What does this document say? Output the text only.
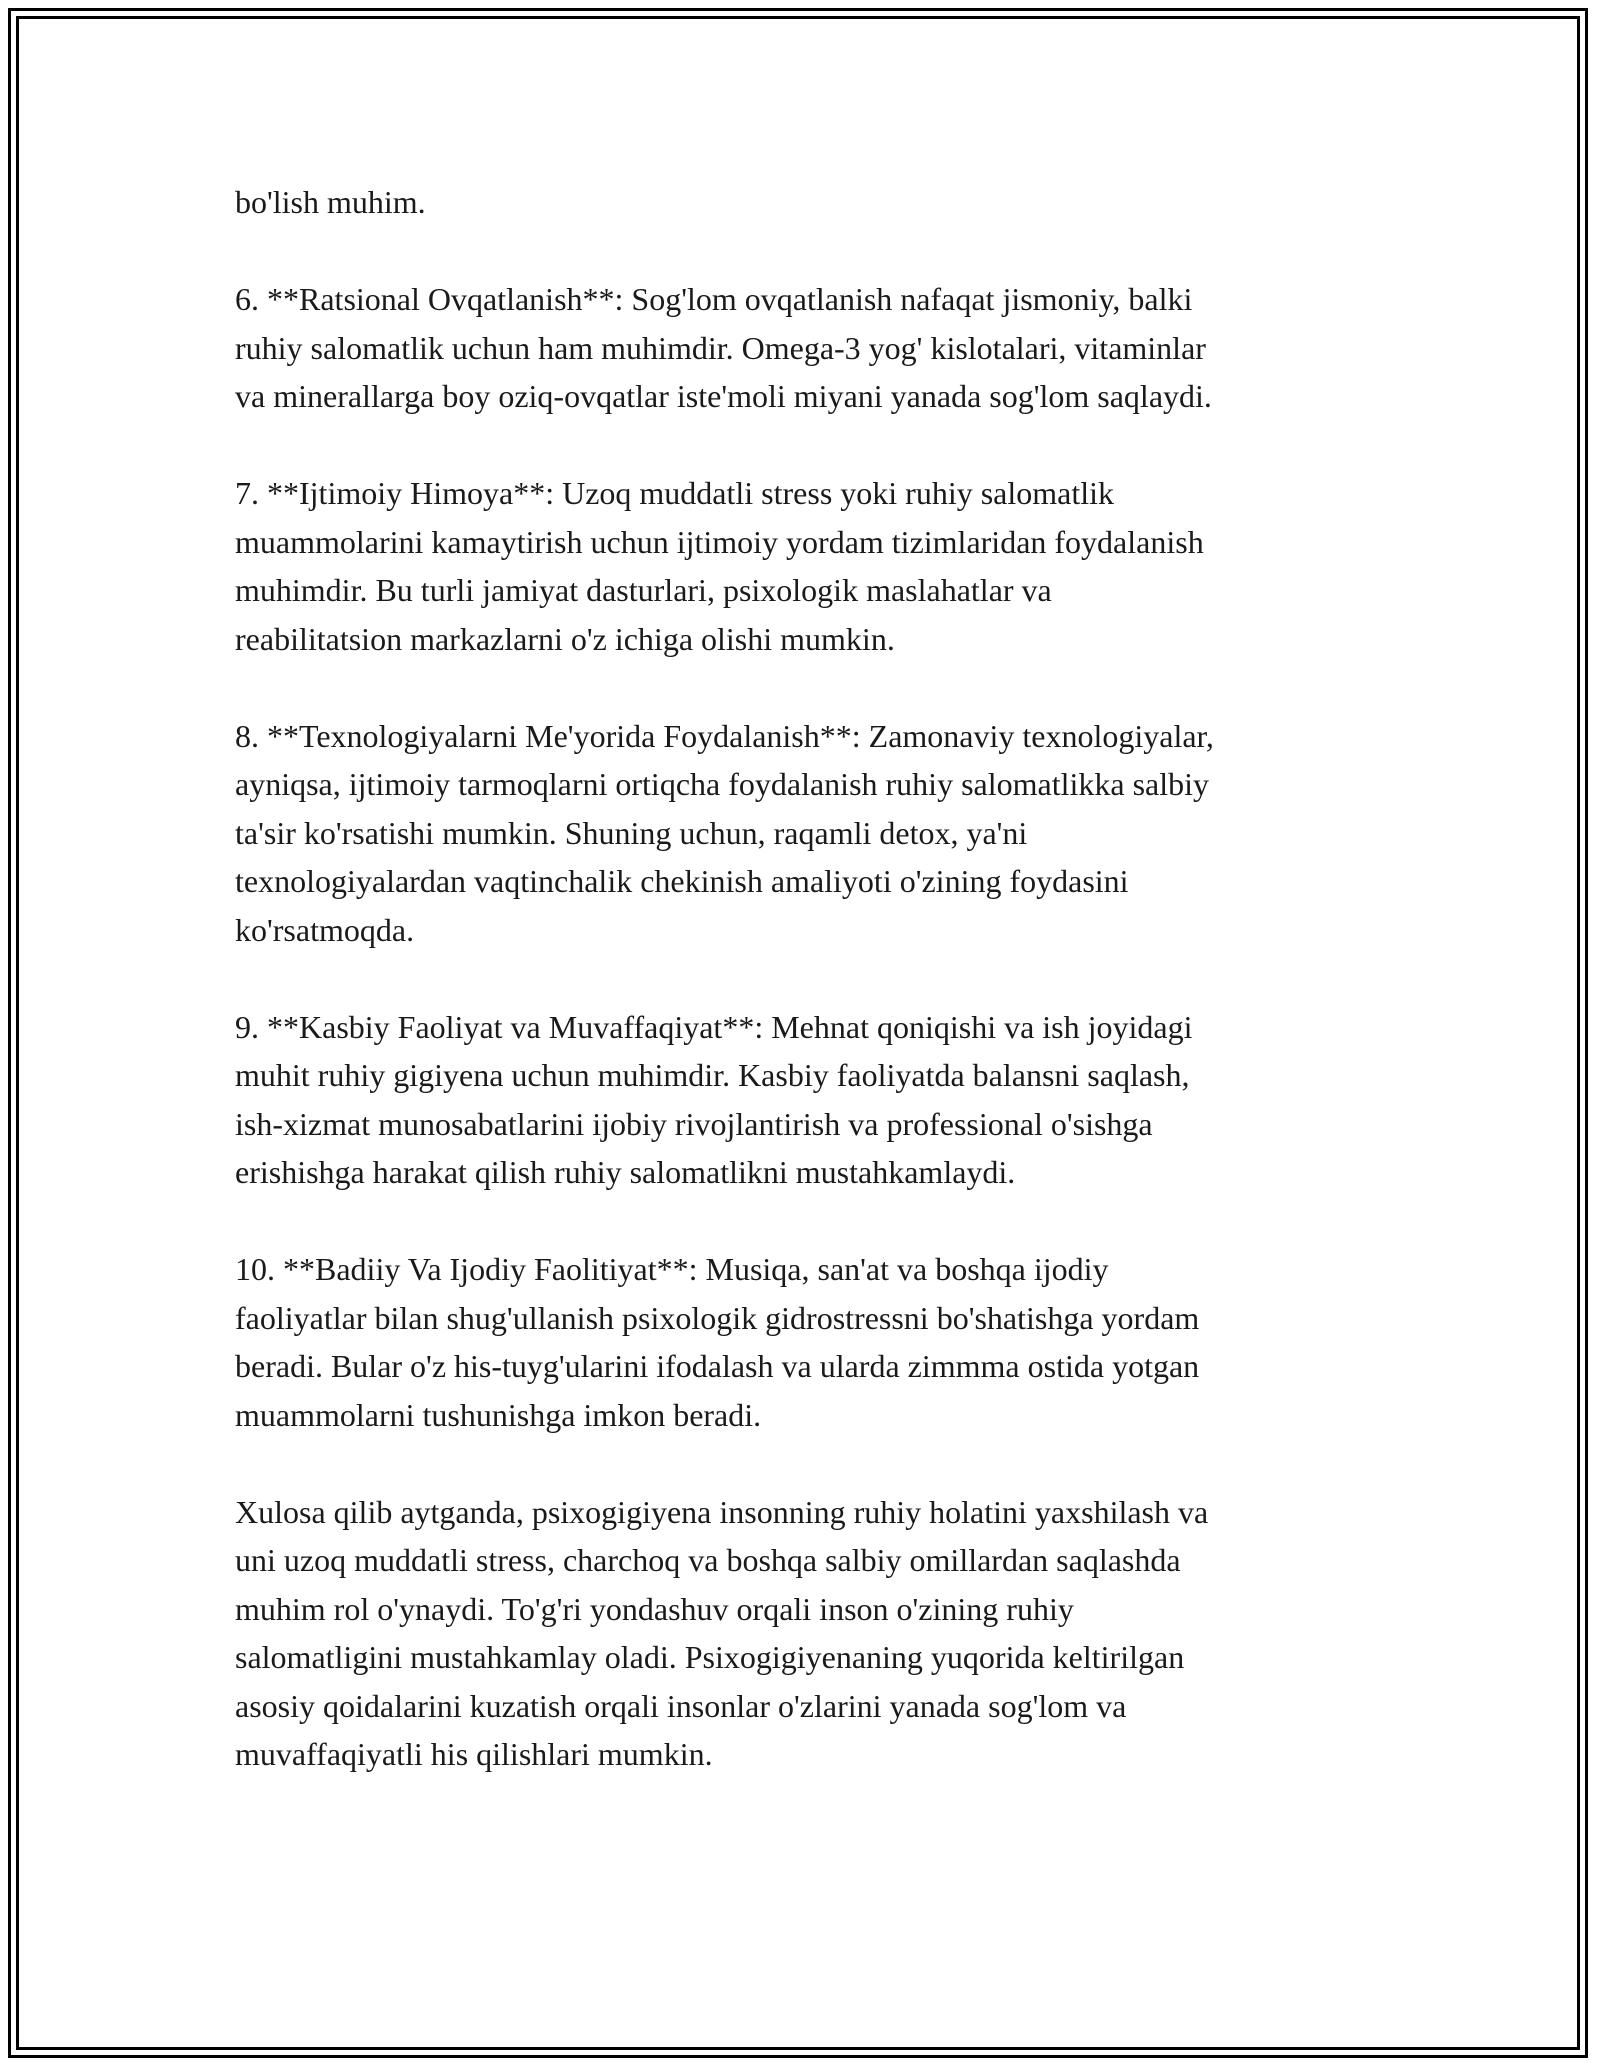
bo'lish muhim.

6. **Ratsional Ovqatlanish**: Sog'lom ovqatlanish nafaqat jismoniy, balki
ruhiy salomatlik uchun ham muhimdir. Omega-3 yog' kislotalari, vitaminlar
va minerallarga boy oziq-ovqatlar iste'moli miyani yanada sog'lom saqlaydi.

7. **Ijtimoiy Himoya**: Uzoq muddatli stress yoki ruhiy salomatlik
muammolarini kamaytirish uchun ijtimoiy yordam tizimlaridan foydalanish
muhimdir. Bu turli jamiyat dasturlari, psixologik maslahatlar va
reabilitatsion markazlarni o'z ichiga olishi mumkin.

8. **Texnologiyalarni Me'yorida Foydalanish**: Zamonaviy texnologiyalar,
ayniqsa, ijtimoiy tarmoqlarni ortiqcha foydalanish ruhiy salomatlikka salbiy
ta'sir ko'rsatishi mumkin. Shuning uchun, raqamli detox, ya'ni
texnologiyalardan vaqtinchalik chekinish amaliyoti o'zining foydasini
ko'rsatmoqda.

9. **Kasbiy Faoliyat va Muvaffaqiyat**: Mehnat qoniqishi va ish joyidagi
muhit ruhiy gigiyena uchun muhimdir. Kasbiy faoliyatda balansni saqlash,
ish-xizmat munosabatlarini ijobiy rivojlantirish va professional o'sishga
erishishga harakat qilish ruhiy salomatlikni mustahkamlaydi.

10. **Badiiy Va Ijodiy Faolitiyat**: Musiqa, san'at va boshqa ijodiy
faoliyatlar bilan shug'ullanish psixologik gidrostressni bo'shatishga yordam
beradi. Bular o'z his-tuyg'ularini ifodalash va ularda zimmma ostida yotgan
muammolarni tushunishga imkon beradi.

Xulosa qilib aytganda, psixogigiyena insonning ruhiy holatini yaxshilash va
uni uzoq muddatli stress, charchoq va boshqa salbiy omillardan saqlashda
muhim rol o'ynaydi. To'g'ri yondashuv orqali inson o'zining ruhiy
salomatligini mustahkamlay oladi. Psixogigiyenaning yuqorida keltirilgan
asosiy qoidalarini kuzatish orqali insonlar o'zlarini yanada sog'lom va
muvaffaqiyatli his qilishlari mumkin.
